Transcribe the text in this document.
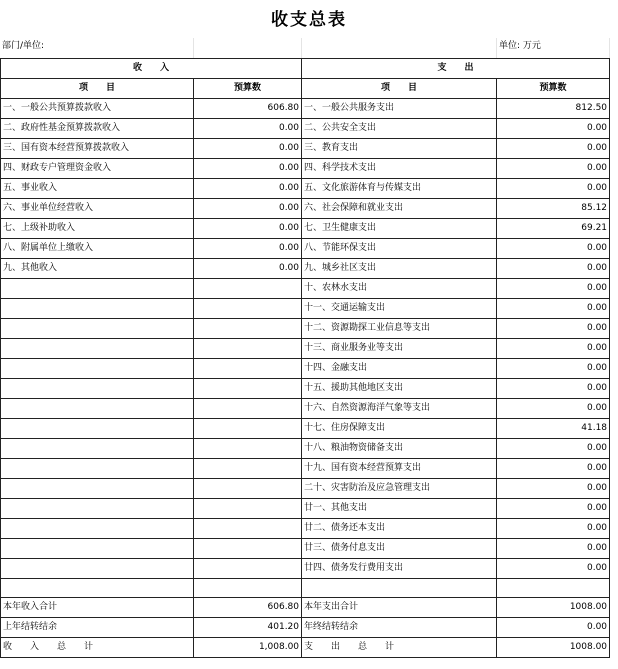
收支总表
部门/单位:	单位: 万元
收　　入		支　　出	
项　　目	预算数	项　　目	预算数
一、一般公共预算拨款收入	606.80	一、一般公共服务支出	812.50
二、政府性基金预算拨款收入	0.00	二、公共安全支出	0.00
三、国有资本经营预算拨款收入	0.00	三、教育支出	0.00
四、财政专户管理资金收入	0.00	四、科学技术支出	0.00
五、事业收入	0.00	五、文化旅游体育与传媒支出	0.00
六、事业单位经营收入	0.00	六、社会保障和就业支出	85.12
七、上级补助收入	0.00	七、卫生健康支出	69.21
八、附属单位上缴收入	0.00	八、节能环保支出	0.00
九、其他收入	0.00	九、城乡社区支出	0.00
		十、农林水支出	0.00
		十一、交通运输支出	0.00
		十二、资源勘探工业信息等支出	0.00
		十三、商业服务业等支出	0.00
		十四、金融支出	0.00
		十五、援助其他地区支出	0.00
		十六、自然资源海洋气象等支出	0.00
		十七、住房保障支出	41.18
		十八、粮油物资储备支出	0.00
		十九、国有资本经营预算支出	0.00
		二十、灾害防治及应急管理支出	0.00
		廿一、其他支出	0.00
		廿二、债务还本支出	0.00
		廿三、债务付息支出	0.00
		廿四、债务发行费用支出	0.00

本年收入合计	606.80	本年支出合计	1008.00
上年结转结余	401.20	年终结转结余	0.00
收　　入　　总　　计	1,008.00	支　　出　　总　　计	1008.00
